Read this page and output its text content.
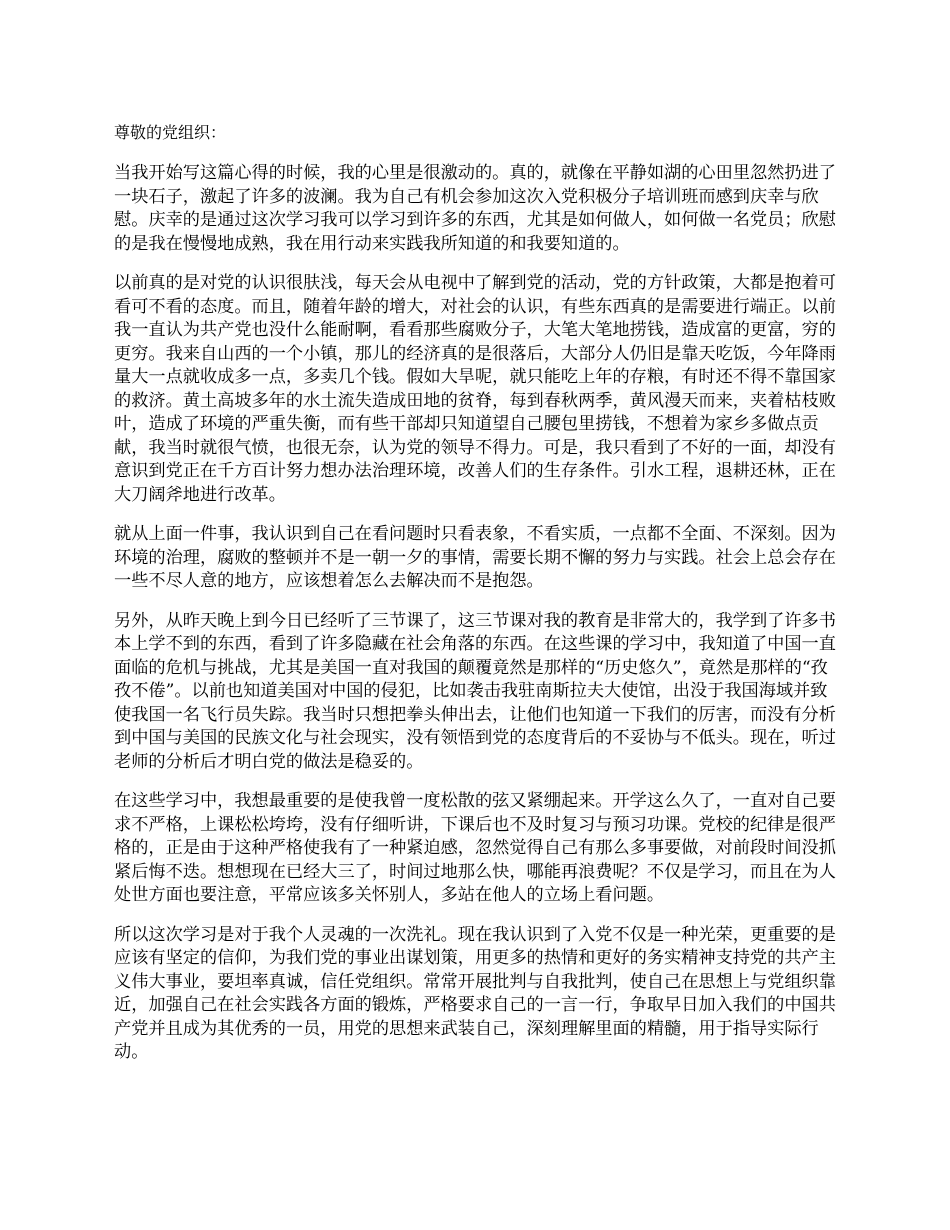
尊敬的党组织：

当我开始写这篇心得的时候，我的心里是很激动的。真的，就像在平静如湖的心田里忽然扔进了一块石子，激起了许多的波澜。我为自己有机会参加这次入党积极分子培训班而感到庆幸与欣慰。庆幸的是通过这次学习我可以学习到许多的东西，尤其是如何做人，如何做一名党员；欣慰的是我在慢慢地成熟，我在用行动来实践我所知道的和我要知道的。

以前真的是对党的认识很肤浅，每天会从电视中了解到党的活动，党的方针政策，大都是抱着可看可不看的态度。而且，随着年龄的增大，对社会的认识，有些东西真的是需要进行端正。以前我一直认为共产党也没什么能耐啊，看看那些腐败分子，大笔大笔地捞钱，造成富的更富，穷的更穷。我来自山西的一个小镇，那儿的经济真的是很落后，大部分人仍旧是靠天吃饭，今年降雨量大一点就收成多一点，多卖几个钱。假如大旱呢，就只能吃上年的存粮，有时还不得不靠国家的救济。黄土高坡多年的水土流失造成田地的贫脊，每到春秋两季，黄风漫天而来，夹着枯枝败叶，造成了环境的严重失衡，而有些干部却只知道望自己腰包里捞钱，不想着为家乡多做点贡献，我当时就很气愤，也很无奈，认为党的领导不得力。可是，我只看到了不好的一面，却没有意识到党正在千方百计努力想办法治理环境，改善人们的生存条件。引水工程，退耕还林，正在大刀阔斧地进行改革。

就从上面一件事，我认识到自己在看问题时只看表象，不看实质，一点都不全面、不深刻。因为环境的治理，腐败的整顿并不是一朝一夕的事情，需要长期不懈的努力与实践。社会上总会存在一些不尽人意的地方，应该想着怎么去解决而不是抱怨。

另外，从昨天晚上到今日已经听了三节课了，这三节课对我的教育是非常大的，我学到了许多书本上学不到的东西，看到了许多隐藏在社会角落的东西。在这些课的学习中，我知道了中国一直面临的危机与挑战，尤其是美国一直对我国的颠覆竟然是那样的“历史悠久”，竟然是那样的“孜孜不倦”。以前也知道美国对中国的侵犯，比如袭击我驻南斯拉夫大使馆，出没于我国海域并致使我国一名飞行员失踪。我当时只想把拳头伸出去，让他们也知道一下我们的厉害，而没有分析到中国与美国的民族文化与社会现实，没有领悟到党的态度背后的不妥协与不低头。现在，听过老师的分析后才明白党的做法是稳妥的。

在这些学习中，我想最重要的是使我曾一度松散的弦又紧绷起来。开学这么久了，一直对自己要求不严格，上课松松垮垮，没有仔细听讲，下课后也不及时复习与预习功课。党校的纪律是很严格的，正是由于这种严格使我有了一种紧迫感，忽然觉得自己有那么多事要做，对前段时间没抓紧后悔不迭。想想现在已经大三了，时间过地那么快，哪能再浪费呢？不仅是学习，而且在为人处世方面也要注意，平常应该多关怀别人，多站在他人的立场上看问题。

所以这次学习是对于我个人灵魂的一次洗礼。现在我认识到了入党不仅是一种光荣，更重要的是应该有坚定的信仰，为我们党的事业出谋划策，用更多的热情和更好的务实精神支持党的共产主义伟大事业，要坦率真诚，信任党组织。常常开展批判与自我批判，使自己在思想上与党组织靠近，加强自己在社会实践各方面的锻炼，严格要求自己的一言一行，争取早日加入我们的中国共产党并且成为其优秀的一员，用党的思想来武装自己，深刻理解里面的精髓，用于指导实际行动。
